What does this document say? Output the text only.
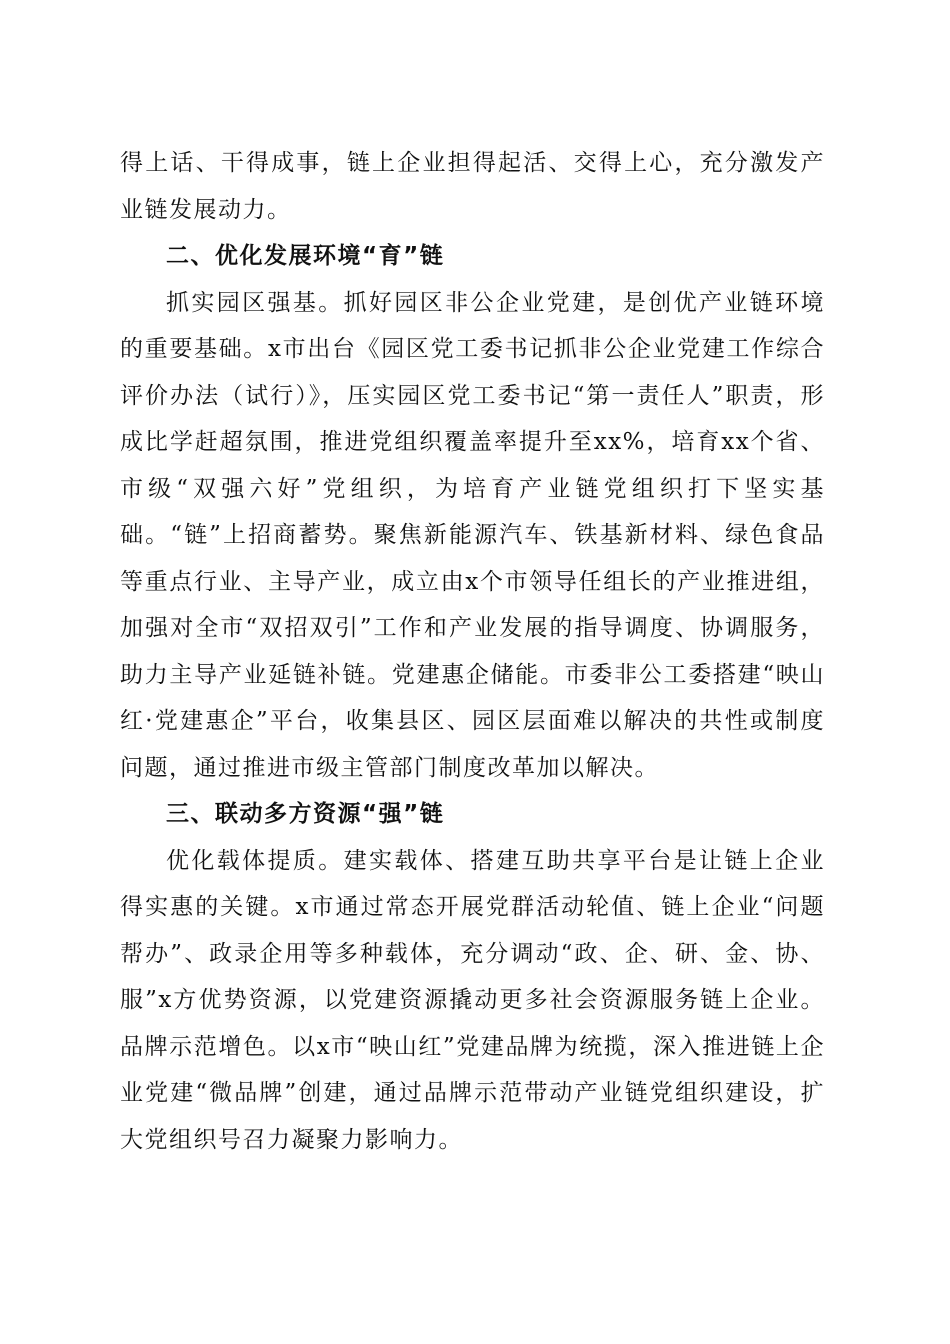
得上话、干得成事，链上企业担得起活、交得上心，充分激发产业链发展动力。

二、优化发展环境“育”链

抓实园区强基。抓好园区非公企业党建，是创优产业链环境的重要基础。x市出台《园区党工委书记抓非公企业党建工作综合评价办法（试行）》，压实园区党工委书记“第一责任人”职责，形成比学赶超氛围，推进党组织覆盖率提升至xx%，培育xx个省、市级“双强六好”党组织，为培育产业链党组织打下坚实基础。“链”上招商蓄势。聚焦新能源汽车、铁基新材料、绿色食品等重点行业、主导产业，成立由x个市领导任组长的产业推进组，加强对全市“双招双引”工作和产业发展的指导调度、协调服务，助力主导产业延链补链。党建惠企储能。市委非公工委搭建“映山红·党建惠企”平台，收集县区、园区层面难以解决的共性或制度问题，通过推进市级主管部门制度改革加以解决。

三、联动多方资源“强”链

优化载体提质。建实载体、搭建互助共享平台是让链上企业得实惠的关键。x市通过常态开展党群活动轮值、链上企业“问题帮办”、政录企用等多种载体，充分调动“政、企、研、金、协、服”x方优势资源，以党建资源撬动更多社会资源服务链上企业。品牌示范增色。以x市“映山红”党建品牌为统揽，深入推进链上企业党建“微品牌”创建，通过品牌示范带动产业链党组织建设，扩大党组织号召力凝聚力影响力。
